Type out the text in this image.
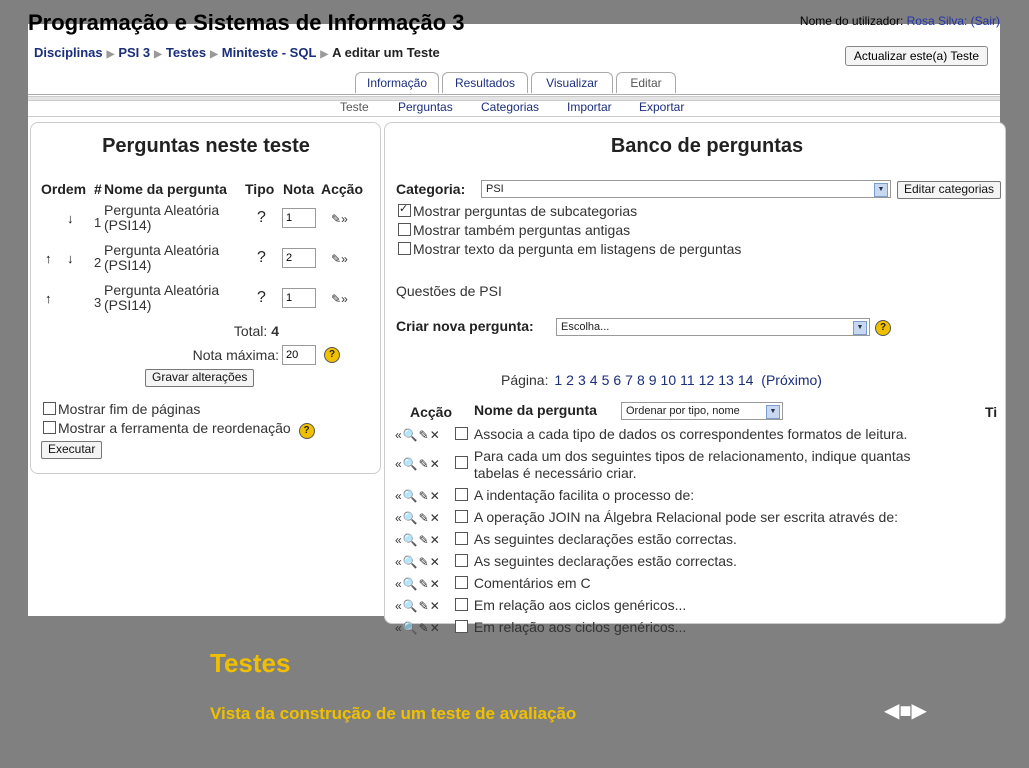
Programação e Sistemas de Informação 3	Nome do utilizador: Rosa Silva: (Sair)
Disciplinas ▶ PSI 3 ▶ Testes ▶ Miniteste - SQL ▶ A editar um Teste	Actualizar este(a) Teste
Informação	Resultados	Visualizar	Editar
Teste Perguntas Categorias Importar Exportar
Perguntas neste teste
Ordem # Nome da pergunta Tipo Nota Acção
↓ 1
Pergunta Aleatória
(PSI14)	?
1	✎»
↑ ↓ 2
Pergunta Aleatória
(PSI14)	?
2	✎»
↑	3
Pergunta Aleatória
(PSI14)	?
1	✎»
Total: 4
Nota máxima:
20	?
Gravar alterações
Mostrar fim de páginas
Mostrar a ferramenta de reordenação ?
Executar
Banco de perguntas
Categoria:	PSI	▼	Editar categorias
✓Mostrar perguntas de subcategorias
Mostrar também perguntas antigas
Mostrar texto da pergunta em listagens de perguntas
Questões de PSI
Criar nova pergunta:	Escolha...	▼	?
Página: 1 2 3 4 5 6 7 8 9 10 11 12 13 14 (Próximo)
Acção Nome da pergunta	Ordenar por tipo, nome	▼	Ti
«🔍✎✕ Associa a cada tipo de dados os correspondentes formatos de leitura.
«🔍✎✕ Para cada um dos seguintes tipos de relacionamento, indique quantas
tabelas é necessário criar.
«🔍✎✕ A indentação facilita o processo de:
«🔍✎✕ A operação JOIN na Álgebra Relacional pode ser escrita através de:
«🔍✎✕ As seguintes declarações estão correctas.
«🔍✎✕ As seguintes declarações estão correctas.
«🔍✎✕ Comentários em C
«🔍✎✕ Em relação aos ciclos genéricos...
«🔍✎✕ Em relação aos ciclos genéricos...
Testes
Vista da construção de um teste de avaliação	◀■▶
